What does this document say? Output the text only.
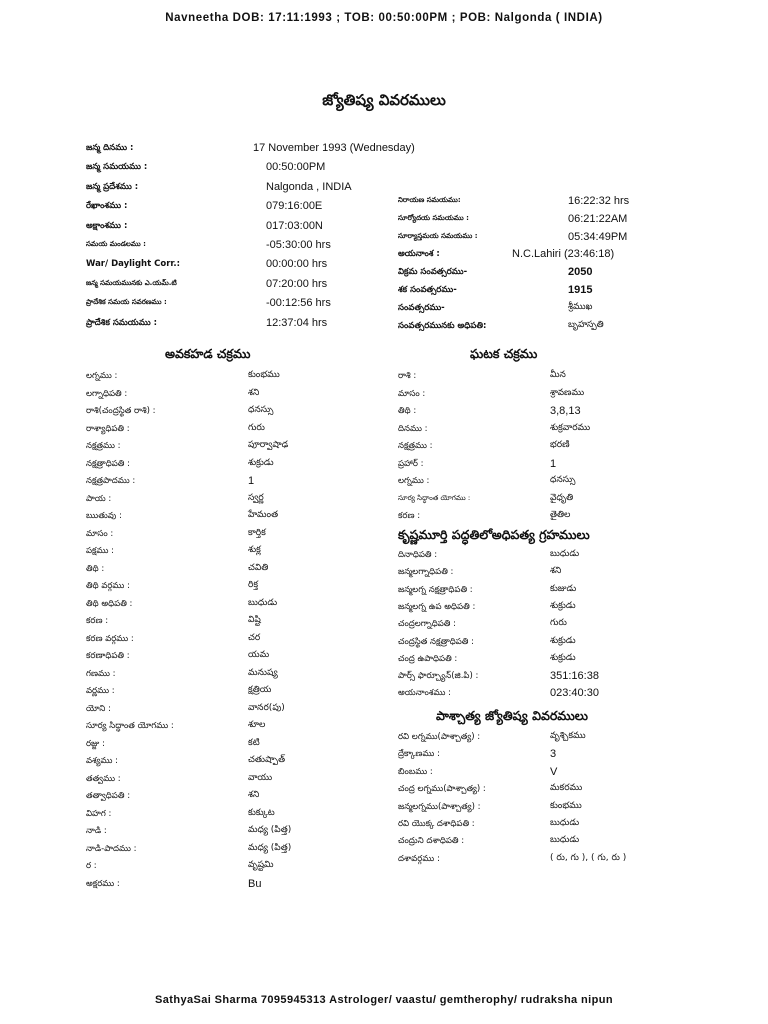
Navneetha DOB: 17:11:1993 ; TOB: 00:50:00PM ; POB: Nalgonda ( INDIA)
జ్యోతిష్య వివరములు
జన్మ దినము :	17 November 1993 (Wednesday)
జన్మ సమయము :	00:50:00PM
జన్మ ప్రదేశము :	Nalgonda , INDIA
రేఖాంశము :	079:16:00E
అక్షాంశము :	017:03:00N
సమయ మండలము :	-05:30:00 hrs
War/ Daylight Corr.:	00:00:00 hrs
జన్మ సమయమునకు ఎ.యమ్.టి	07:20:00 hrs
ప్రాదేశిక సమయ సవరణము :	-00:12:56 hrs
ప్రాదేశిక సమయము :	12:37:04 hrs
నిరాయణ సమయము:	16:22:32 hrs
సూర్యోదయ సమయము :	06:21:22AM
సూర్యాస్తమయ సమయము :	05:34:49PM
అయనాంశ :	N.C.Lahiri (23:46:18)
విక్రమ సంవత్సరము-	2050
శక సంవత్సరము-	1915
సంవత్సరము-	శ్రీముఖ
సంవత్సరమునకు అధిపతి:	బృహస్పతి
అవకహడ చక్రము	ఘటక చక్రము
కృష్ణమూర్తి పద్ధతిలోఅధిపత్య గ్రహములు
పాశ్చాత్య జ్యోతిష్య వివరములు
లగ్నము :	కుంభము
లగ్నాధిపతి :	శని
రాశి(చంద్రస్థిత రాశి) :	ధనస్సు
రాశ్యాధిపతి :	గురు
నక్షత్రము :	పూర్వాషాఢ
నక్షత్రాధిపతి :	శుక్రుడు
నక్షత్రపాదము :	1
పాయ :	స్వర్ణ
ఋతువు :	హేమంత
మాసం :	కార్తిక
పక్షము :	శుక్ల
తిథి :	చవితి
తిథి వర్గము :	రిక్త
తిథి అధిపతి :	బుధుడు
కరణ :	విష్టి
కరణ వర్గము :	చర
కరణాధిపతి :	యమ
గణము :	మనుష్య
వర్ణము :	క్షత్రియ
యోని :	వానర(పు)
సూర్య సిద్ధాంత యోగము :	శూల
రజ్జు :	కటి
వశ్యము :	చతుష్పాత్
తత్వము :	వాయు
తత్వాధిపతి :	శని
విహగ :	కుక్కుట
నాడి :	మధ్య (పిత్త)
నాడి-పాదము :	మధ్య (పిత్త)
ర :	వృష్టమి
అక్షరము :	Bu
రాశి :	మీన
మాసం :	శ్రావణము
తిథి :	3,8,13
దినము :	శుక్రవారము
నక్షత్రము :	భరణి
ప్రహార్ :	1
లగ్నము :	ధనస్సు
సూర్య సిద్ధాంత యోగము :	వైధృతి
కరణ :	తైతిల
దినాధిపతి :	బుధుడు
జన్మలగ్నాధిపతి :	శని
జన్మలగ్న నక్షత్రాధిపతి :	కుజుడు
జన్మలగ్న ఉప అధిపతి :	శుక్రుడు
చంద్రలగ్నాధిపతి :	గురు
చంద్రస్థిత నక్షత్రాధిపతి :	శుక్రుడు
చంద్ర ఉపాధిపతి :	శుక్రుడు
పార్స్ ఫార్చ్యూన్(జి.పి) :	351:16:38
అయనాంశము :	023:40:30
రవి లగ్నము(పాశ్చాత్య) :	వృశ్చికము
ద్రేక్కాణము :	3
బింబము :	V
చంద్ర లగ్నము(పాశ్చాత్య) :	మకరము
జన్మలగ్నము(పాశ్చాత్య) :	కుంభము
రవి యొక్క దశాధిపతి :	బుధుడు
చంద్రుని దశాధిపతి :	బుధుడు
దశావర్గము :	( రు, గు ), ( గు, రు )
SathyaSai Sharma 7095945313 Astrologer/ vaastu/ gemtherophy/ rudraksha nipun
